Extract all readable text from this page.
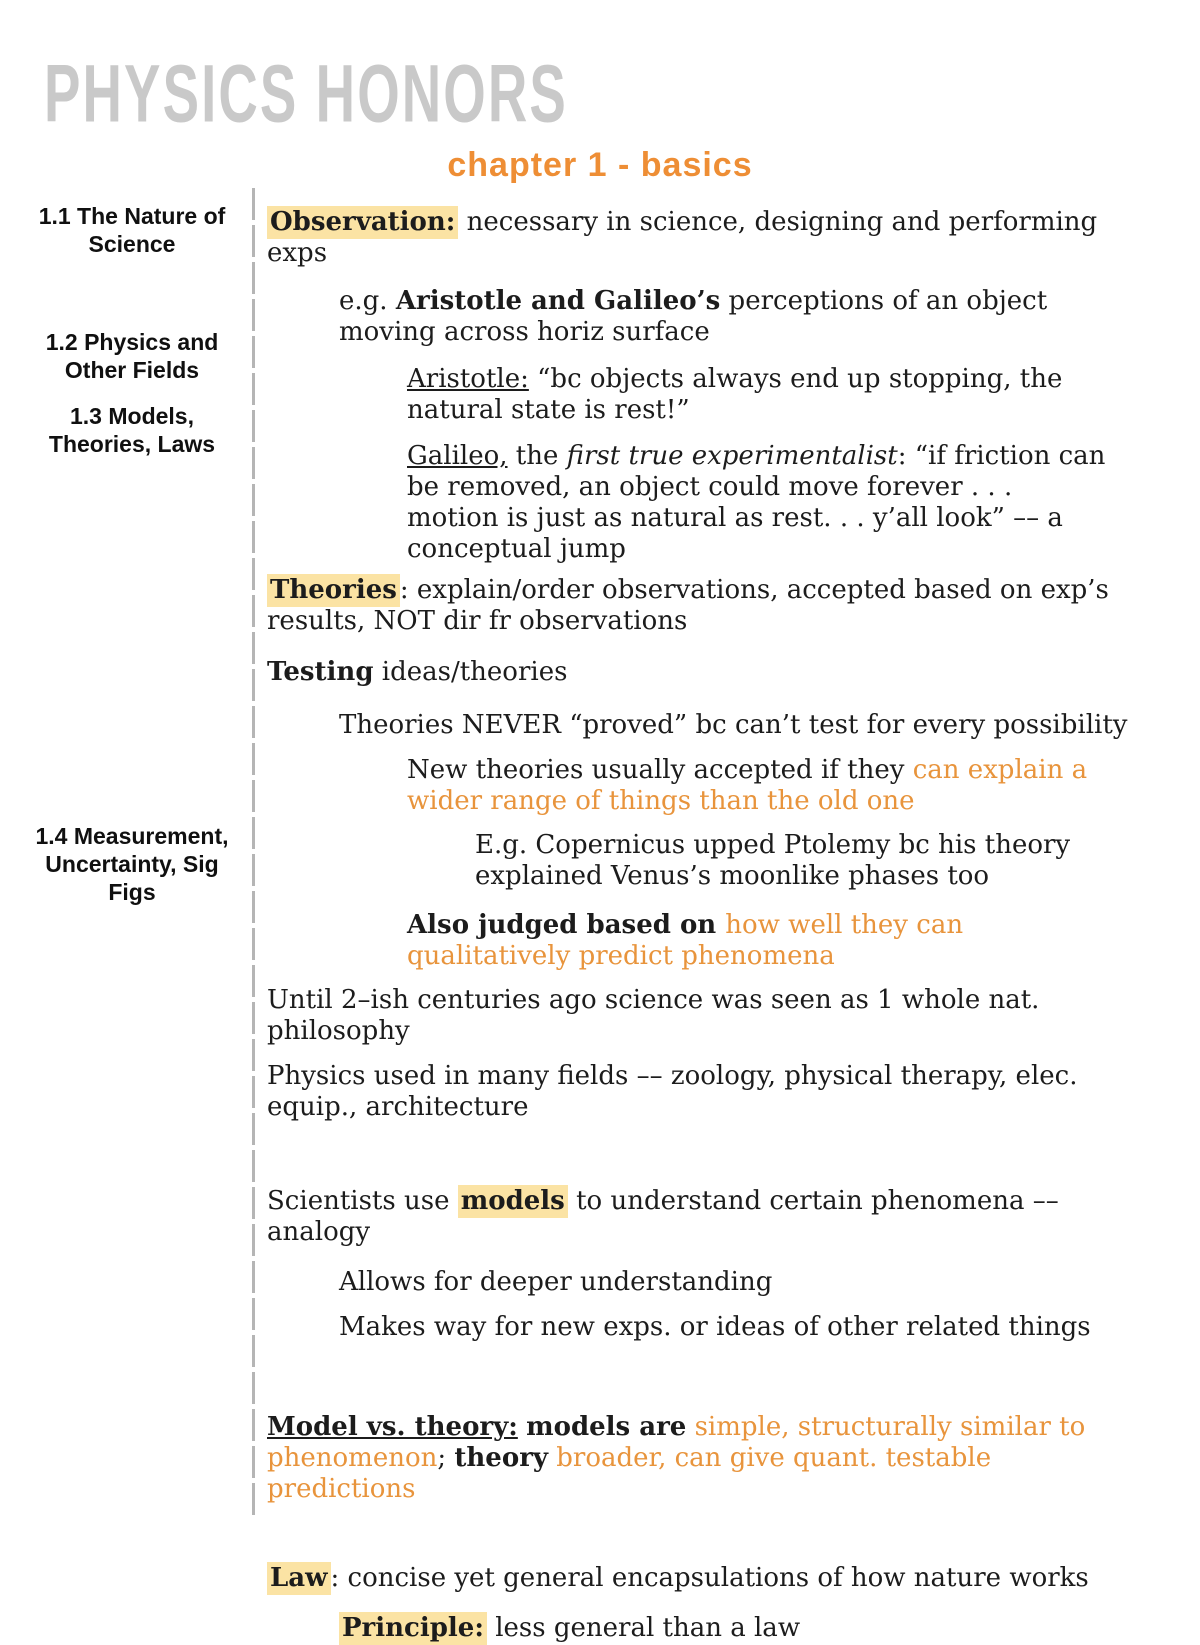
PHYSICS HONORS
chapter 1 - basics
1.1 The Nature of Science
1.2 Physics and Other Fields
1.3 Models, Theories, Laws
1.4 Measurement, Uncertainty, Sig Figs

Observation: necessary in science, designing and performing exps

e.g. Aristotle and Galileo’s perceptions of an object moving across horiz surface

Aristotle: “bc objects always end up stopping, the natural state is rest!”

Galileo, the first true experimentalist: “if friction can be removed, an object could move forever . . . motion is just as natural as rest. . . y’all look” –– a conceptual jump

Theories : explain/order observations, accepted based on exp’s results, NOT dir fr observations

Testing ideas/theories

Theories NEVER “proved” bc can’t test for every possibility

New theories usually accepted if they can explain a wider range of things than the old one

E.g. Copernicus upped Ptolemy bc his theory explained Venus’s moonlike phases too

Also judged based on how well they can qualitatively predict phenomena

Until 2–ish centuries ago science was seen as 1 whole nat. philosophy

Physics used in many fields –– zoology, physical therapy, elec. equip., architecture

Scientists use models to understand certain phenomena –– analogy

Allows for deeper understanding

Makes way for new exps. or ideas of other related things

Model vs. theory: models are simple, structurally similar to phenomenon; theory broader, can give quant. testable predictions

Law : concise yet general encapsulations of how nature works

Principle: less general than a law
